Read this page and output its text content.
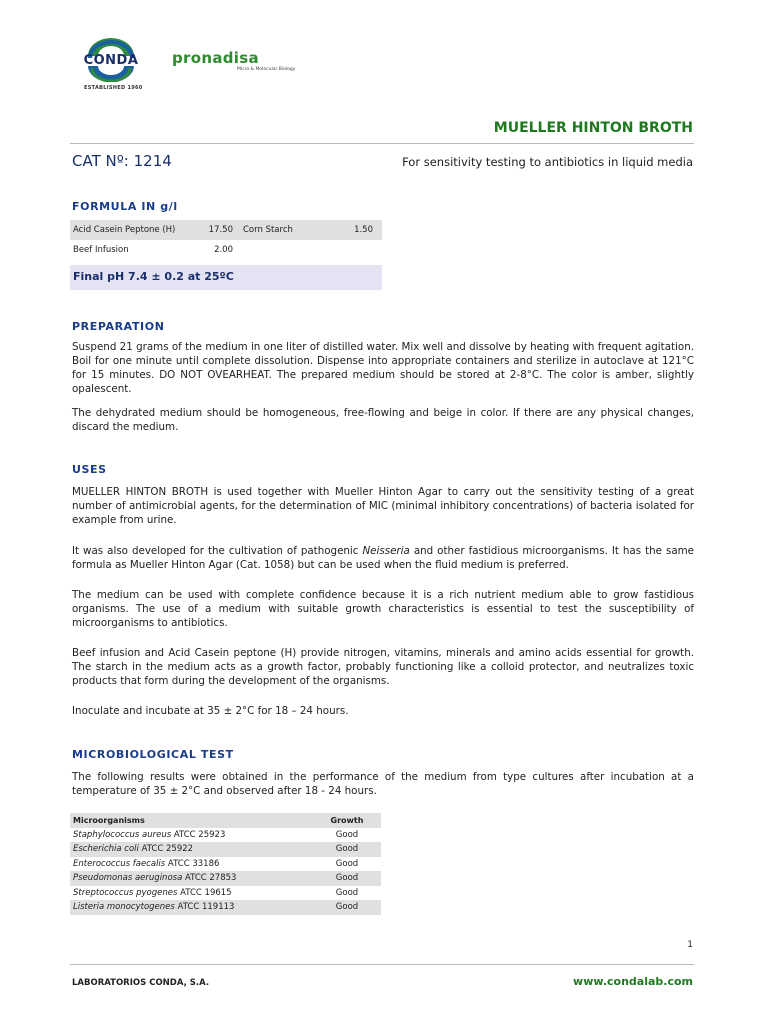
CONDA
ESTABLISHED 1960
pronadisa
Micro & Molecular Biology
MUELLER HINTON BROTH
CAT Nº: 1214	For sensitivity testing to antibiotics in liquid media
FORMULA IN g/l
Acid Casein Peptone (H)	17.50	Corn Starch	1.50
Beef Infusion	2.00
Final pH 7.4 ± 0.2 at 25ºC
PREPARATION

Suspend 21 grams of the medium in one liter of distilled water. Mix well and dissolve by heating with frequent agitation. Boil for one minute until complete dissolution. Dispense into appropriate containers and sterilize in autoclave at 121°C for 15 minutes. DO NOT OVEARHEAT. The prepared medium should be stored at 2-8°C. The color is amber, slightly opalescent.

The dehydrated medium should be homogeneous, free-flowing and beige in color. If there are any physical changes, discard the medium.

USES

MUELLER HINTON BROTH is used together with Mueller Hinton Agar to carry out the sensitivity testing of a great number of antimicrobial agents, for the determination of MIC (minimal inhibitory concentrations) of bacteria isolated for example from urine.

It was also developed for the cultivation of pathogenic Neisseria and other fastidious microorganisms. It has the same formula as Mueller Hinton Agar (Cat. 1058) but can be used when the fluid medium is preferred.

The medium can be used with complete confidence because it is a rich nutrient medium able to grow fastidious organisms. The use of a medium with suitable growth characteristics is essential to test the susceptibility of microorganisms to antibiotics.

Beef infusion and Acid Casein peptone (H) provide nitrogen, vitamins, minerals and amino acids essential for growth. The starch in the medium acts as a growth factor, probably functioning like a colloid protector, and neutralizes toxic products that form during the development of the organisms.

Inoculate and incubate at 35 ± 2°C for 18 – 24 hours.

MICROBIOLOGICAL TEST

The following results were obtained in the performance of the medium from type cultures after incubation at a temperature of 35 ± 2°C and observed after 18 - 24 hours.

Microorganisms	Growth
Staphylococcus aureus ATCC 25923	Good
Escherichia coli ATCC 25922	Good
Enterococcus faecalis ATCC 33186	Good
Pseudomonas aeruginosa ATCC 27853	Good
Streptococcus pyogenes ATCC 19615	Good
Listeria monocytogenes ATCC 119113	Good
1
LABORATORIOS CONDA, S.A.	www.condalab.com
